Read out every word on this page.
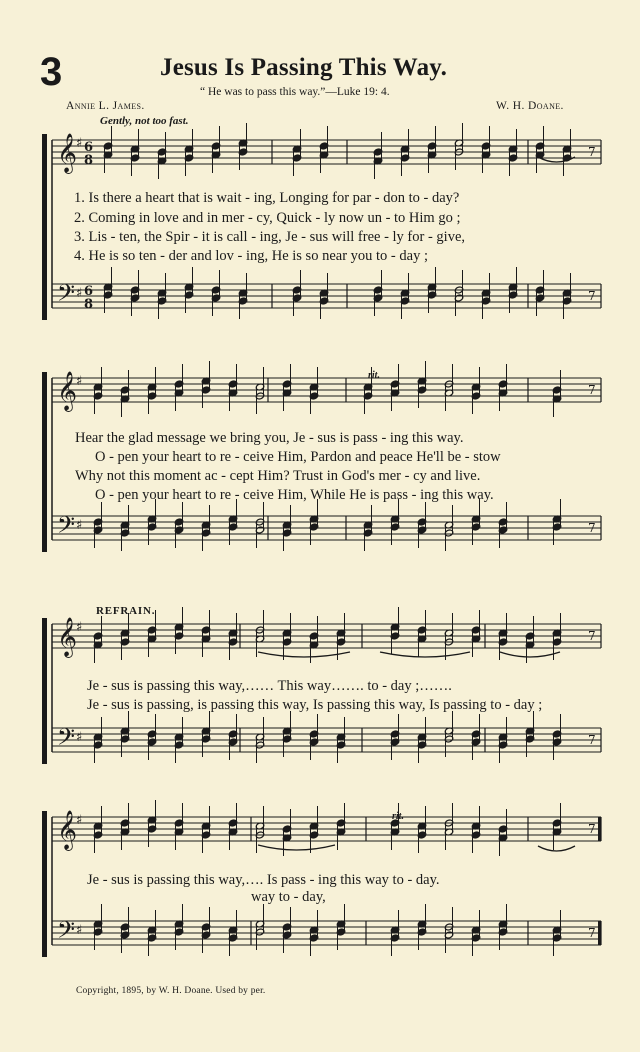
3	Jesus Is Passing This Way.
“ He was to pass this way.”—Luke 19: 4.
Annie L. James.	W. H. Doane.
Gently, not too fast.
𝄞
𝄢
♯
♯
6
8
6
8
7
7
𝄞
𝄢
♯
♯
7
7
𝄞
𝄢
♯
♯
7
7
𝄞
𝄢
♯
♯
7
7
rit.
rit.
REFRAIN.
1. Is there a heart that is wait - ing, Longing for par - don to - day?
2. Coming in love and in mer - cy, Quick - ly now un - to Him go ;
3. Lis - ten, the Spir - it is call - ing, Je - sus will free - ly for - give,
4. He is so ten - der and lov - ing, He is so near you to - day ;
Hear the glad message we bring you, Je - sus is pass - ing this way.
O - pen your heart to re - ceive Him, Pardon and peace He'll be - stow
Why not this moment ac - cept Him? Trust in God's mer - cy and live.
O - pen your heart to re - ceive Him, While He is pass - ing this way.
Je - sus is passing this way,…… This way……. to - day ;…….
Je - sus is passing, is passing this way, Is passing this way, Is passing to - day ;
Je - sus is passing this way,…. Is pass - ing this way to - day.
way to - day,
Copyright, 1895, by W. H. Doane. Used by per.
